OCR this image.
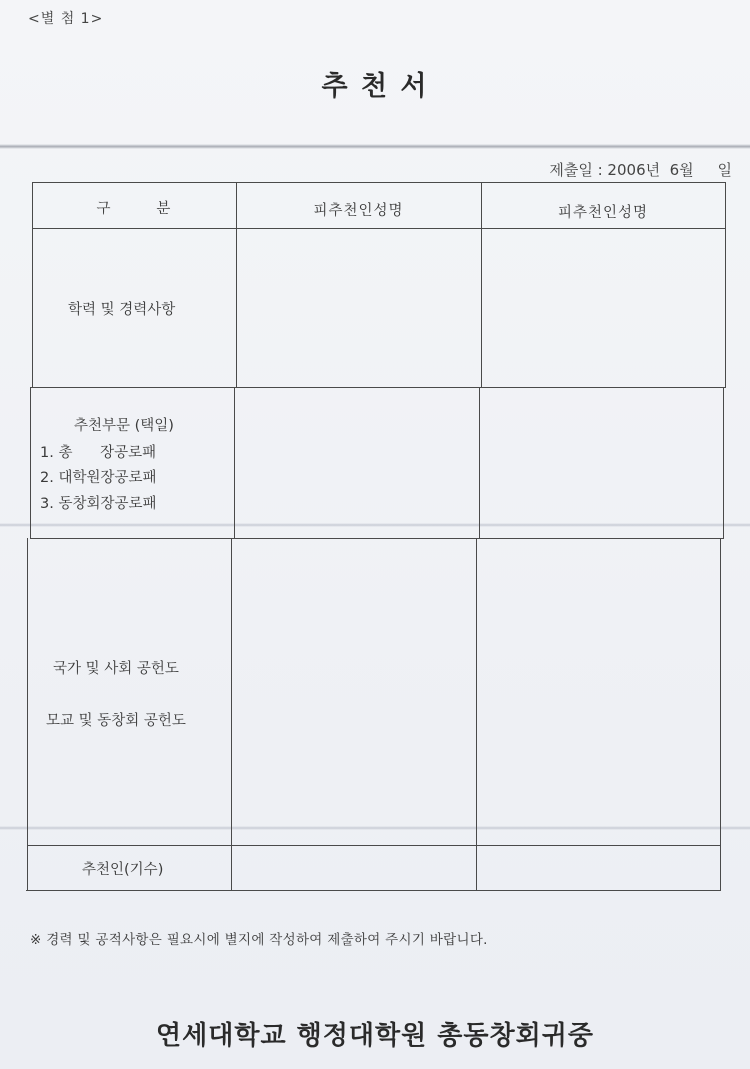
<별 첨 1>
추 천 서
제출일 : 2006년  6월     일
구        분	피추천인성명	피추천인성명
학력 및 경력사항
추천부문 (택일)
1. 총      장공로패
2. 대학원장공로패
3. 동창회장공로패
국가 및 사회 공헌도
모교 및 동창회 공헌도
추천인(기수)
※ 경력 및 공적사항은 필요시에 별지에 작성하여 제출하여 주시기 바랍니다.
연세대학교 행정대학원 총동창회귀중
